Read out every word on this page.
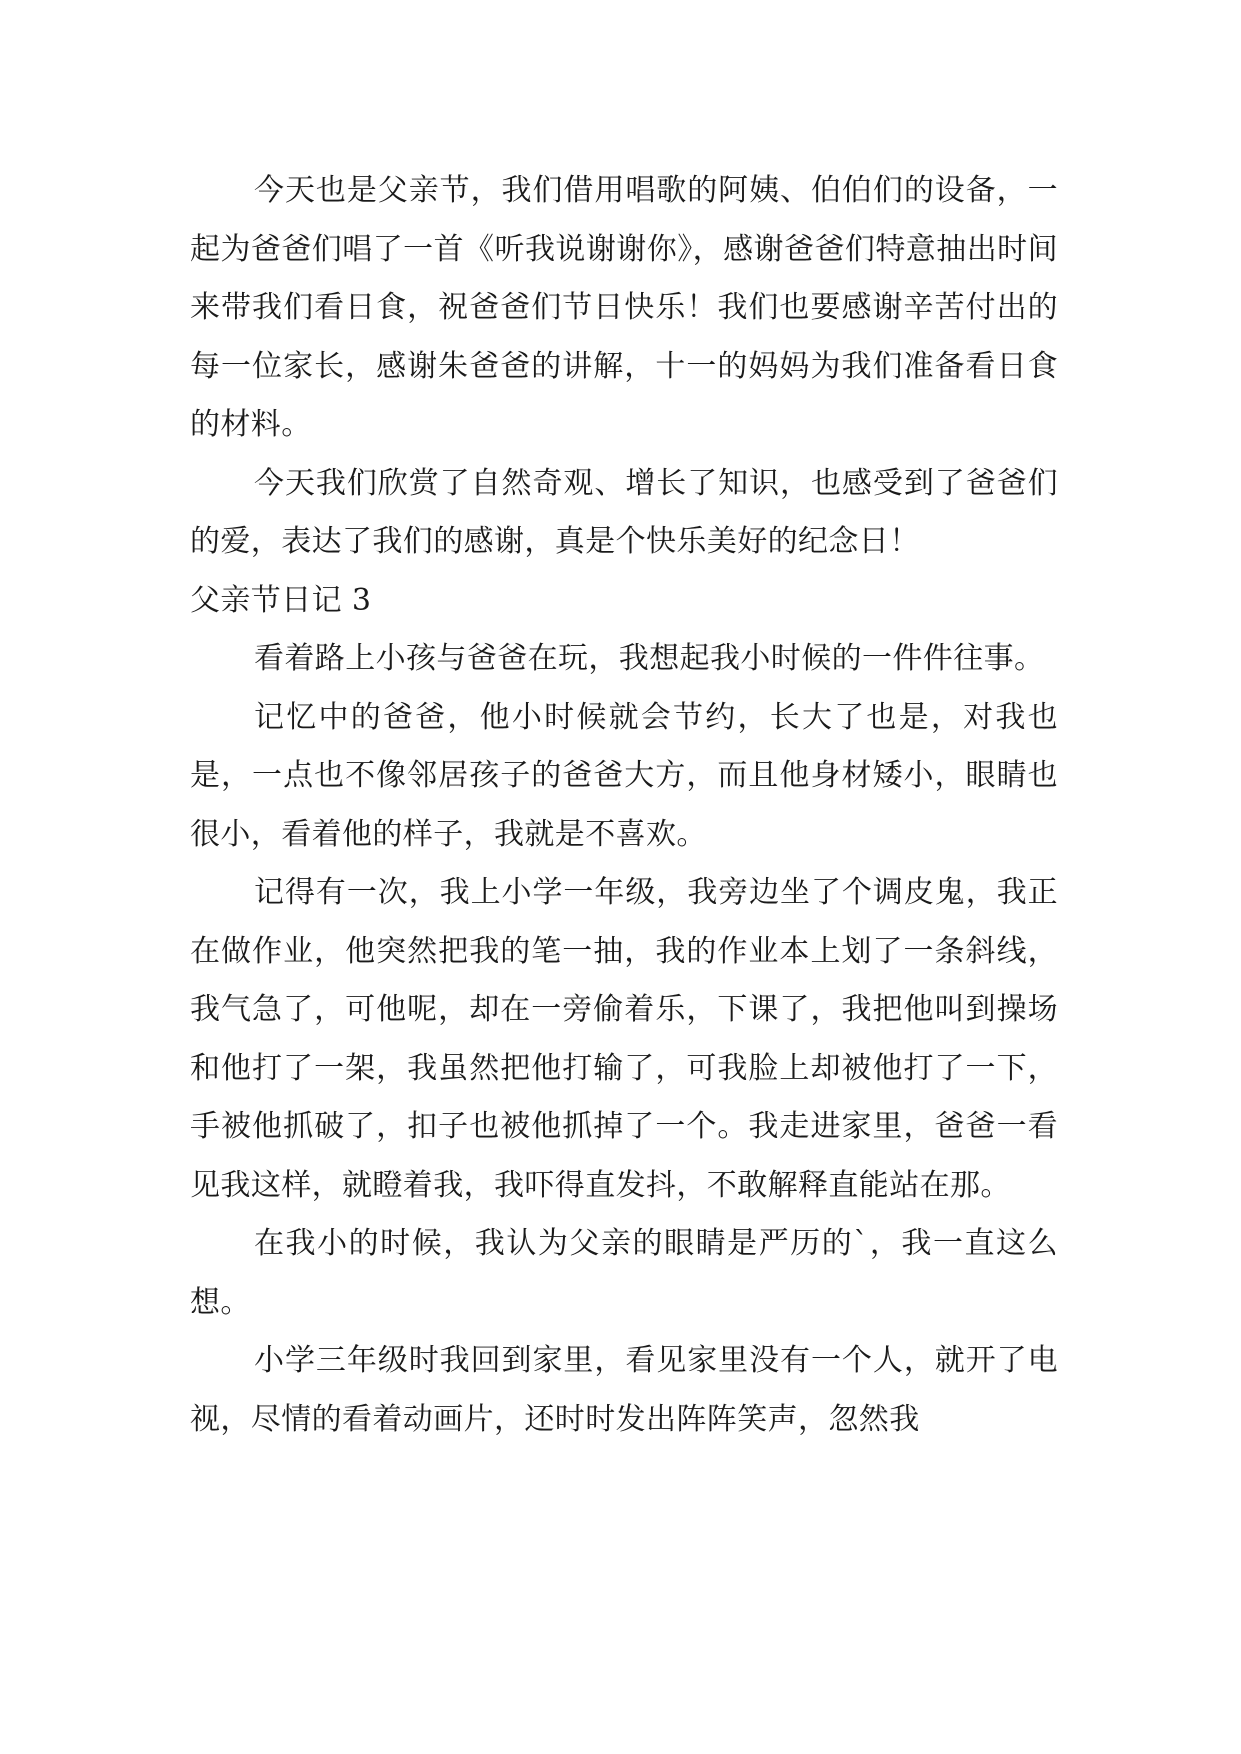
今天也是父亲节，我们借用唱歌的阿姨、伯伯们的设备，一起为爸爸们唱了一首《听我说谢谢你》，感谢爸爸们特意抽出时间来带我们看日食，祝爸爸们节日快乐！我们也要感谢辛苦付出的每一位家长，感谢朱爸爸的讲解，十一的妈妈为我们准备看日食的材料。

今天我们欣赏了自然奇观、增长了知识，也感受到了爸爸们的爱，表达了我们的感谢，真是个快乐美好的纪念日！

父亲节日记 3

看着路上小孩与爸爸在玩，我想起我小时候的一件件往事。

记忆中的爸爸，他小时候就会节约，长大了也是，对我也是，一点也不像邻居孩子的爸爸大方，而且他身材矮小，眼睛也很小，看着他的样子，我就是不喜欢。

记得有一次，我上小学一年级，我旁边坐了个调皮鬼，我正在做作业，他突然把我的笔一抽，我的作业本上划了一条斜线，我气急了，可他呢，却在一旁偷着乐，下课了，我把他叫到操场和他打了一架，我虽然把他打输了，可我脸上却被他打了一下，手被他抓破了，扣子也被他抓掉了一个。我走进家里，爸爸一看见我这样，就瞪着我，我吓得直发抖，不敢解释直能站在那。

在我小的时候，我认为父亲的眼睛是严历的`，我一直这么想。

小学三年级时我回到家里，看见家里没有一个人，就开了电视，尽情的看着动画片，还时时发出阵阵笑声，忽然我
